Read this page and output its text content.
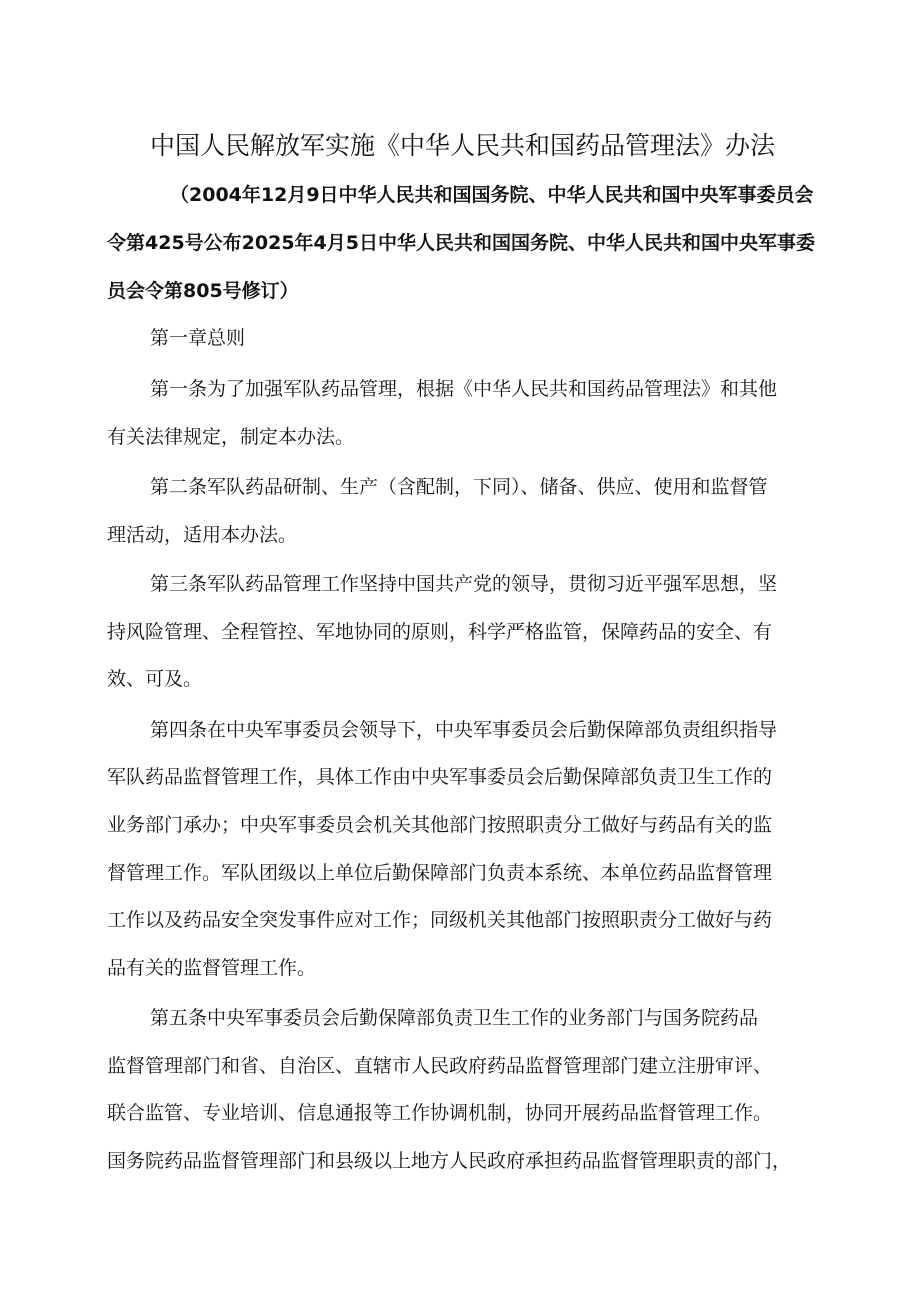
中国人民解放军实施《中华人民共和国药品管理法》办法

（2004年12月9日中华人民共和国国务院、中华人民共和国中央军事委员会

令第425号公布2025年4月5日中华人民共和国国务院、中华人民共和国中央军事委

员会令第805号修订）

第一章总则

第一条为了加强军队药品管理，根据《中华人民共和国药品管理法》和其他

有关法律规定，制定本办法。

第二条军队药品研制、生产（含配制，下同）、储备、供应、使用和监督管

理活动，适用本办法。

第三条军队药品管理工作坚持中国共产党的领导，贯彻习近平强军思想，坚

持风险管理、全程管控、军地协同的原则，科学严格监管，保障药品的安全、有

效、可及。

第四条在中央军事委员会领导下，中央军事委员会后勤保障部负责组织指导

军队药品监督管理工作，具体工作由中央军事委员会后勤保障部负责卫生工作的

业务部门承办；中央军事委员会机关其他部门按照职责分工做好与药品有关的监

督管理工作。军队团级以上单位后勤保障部门负责本系统、本单位药品监督管理

工作以及药品安全突发事件应对工作；同级机关其他部门按照职责分工做好与药

品有关的监督管理工作。

第五条中央军事委员会后勤保障部负责卫生工作的业务部门与国务院药品

监督管理部门和省、自治区、直辖市人民政府药品监督管理部门建立注册审评、

联合监管、专业培训、信息通报等工作协调机制，协同开展药品监督管理工作。

国务院药品监督管理部门和县级以上地方人民政府承担药品监督管理职责的部门，
